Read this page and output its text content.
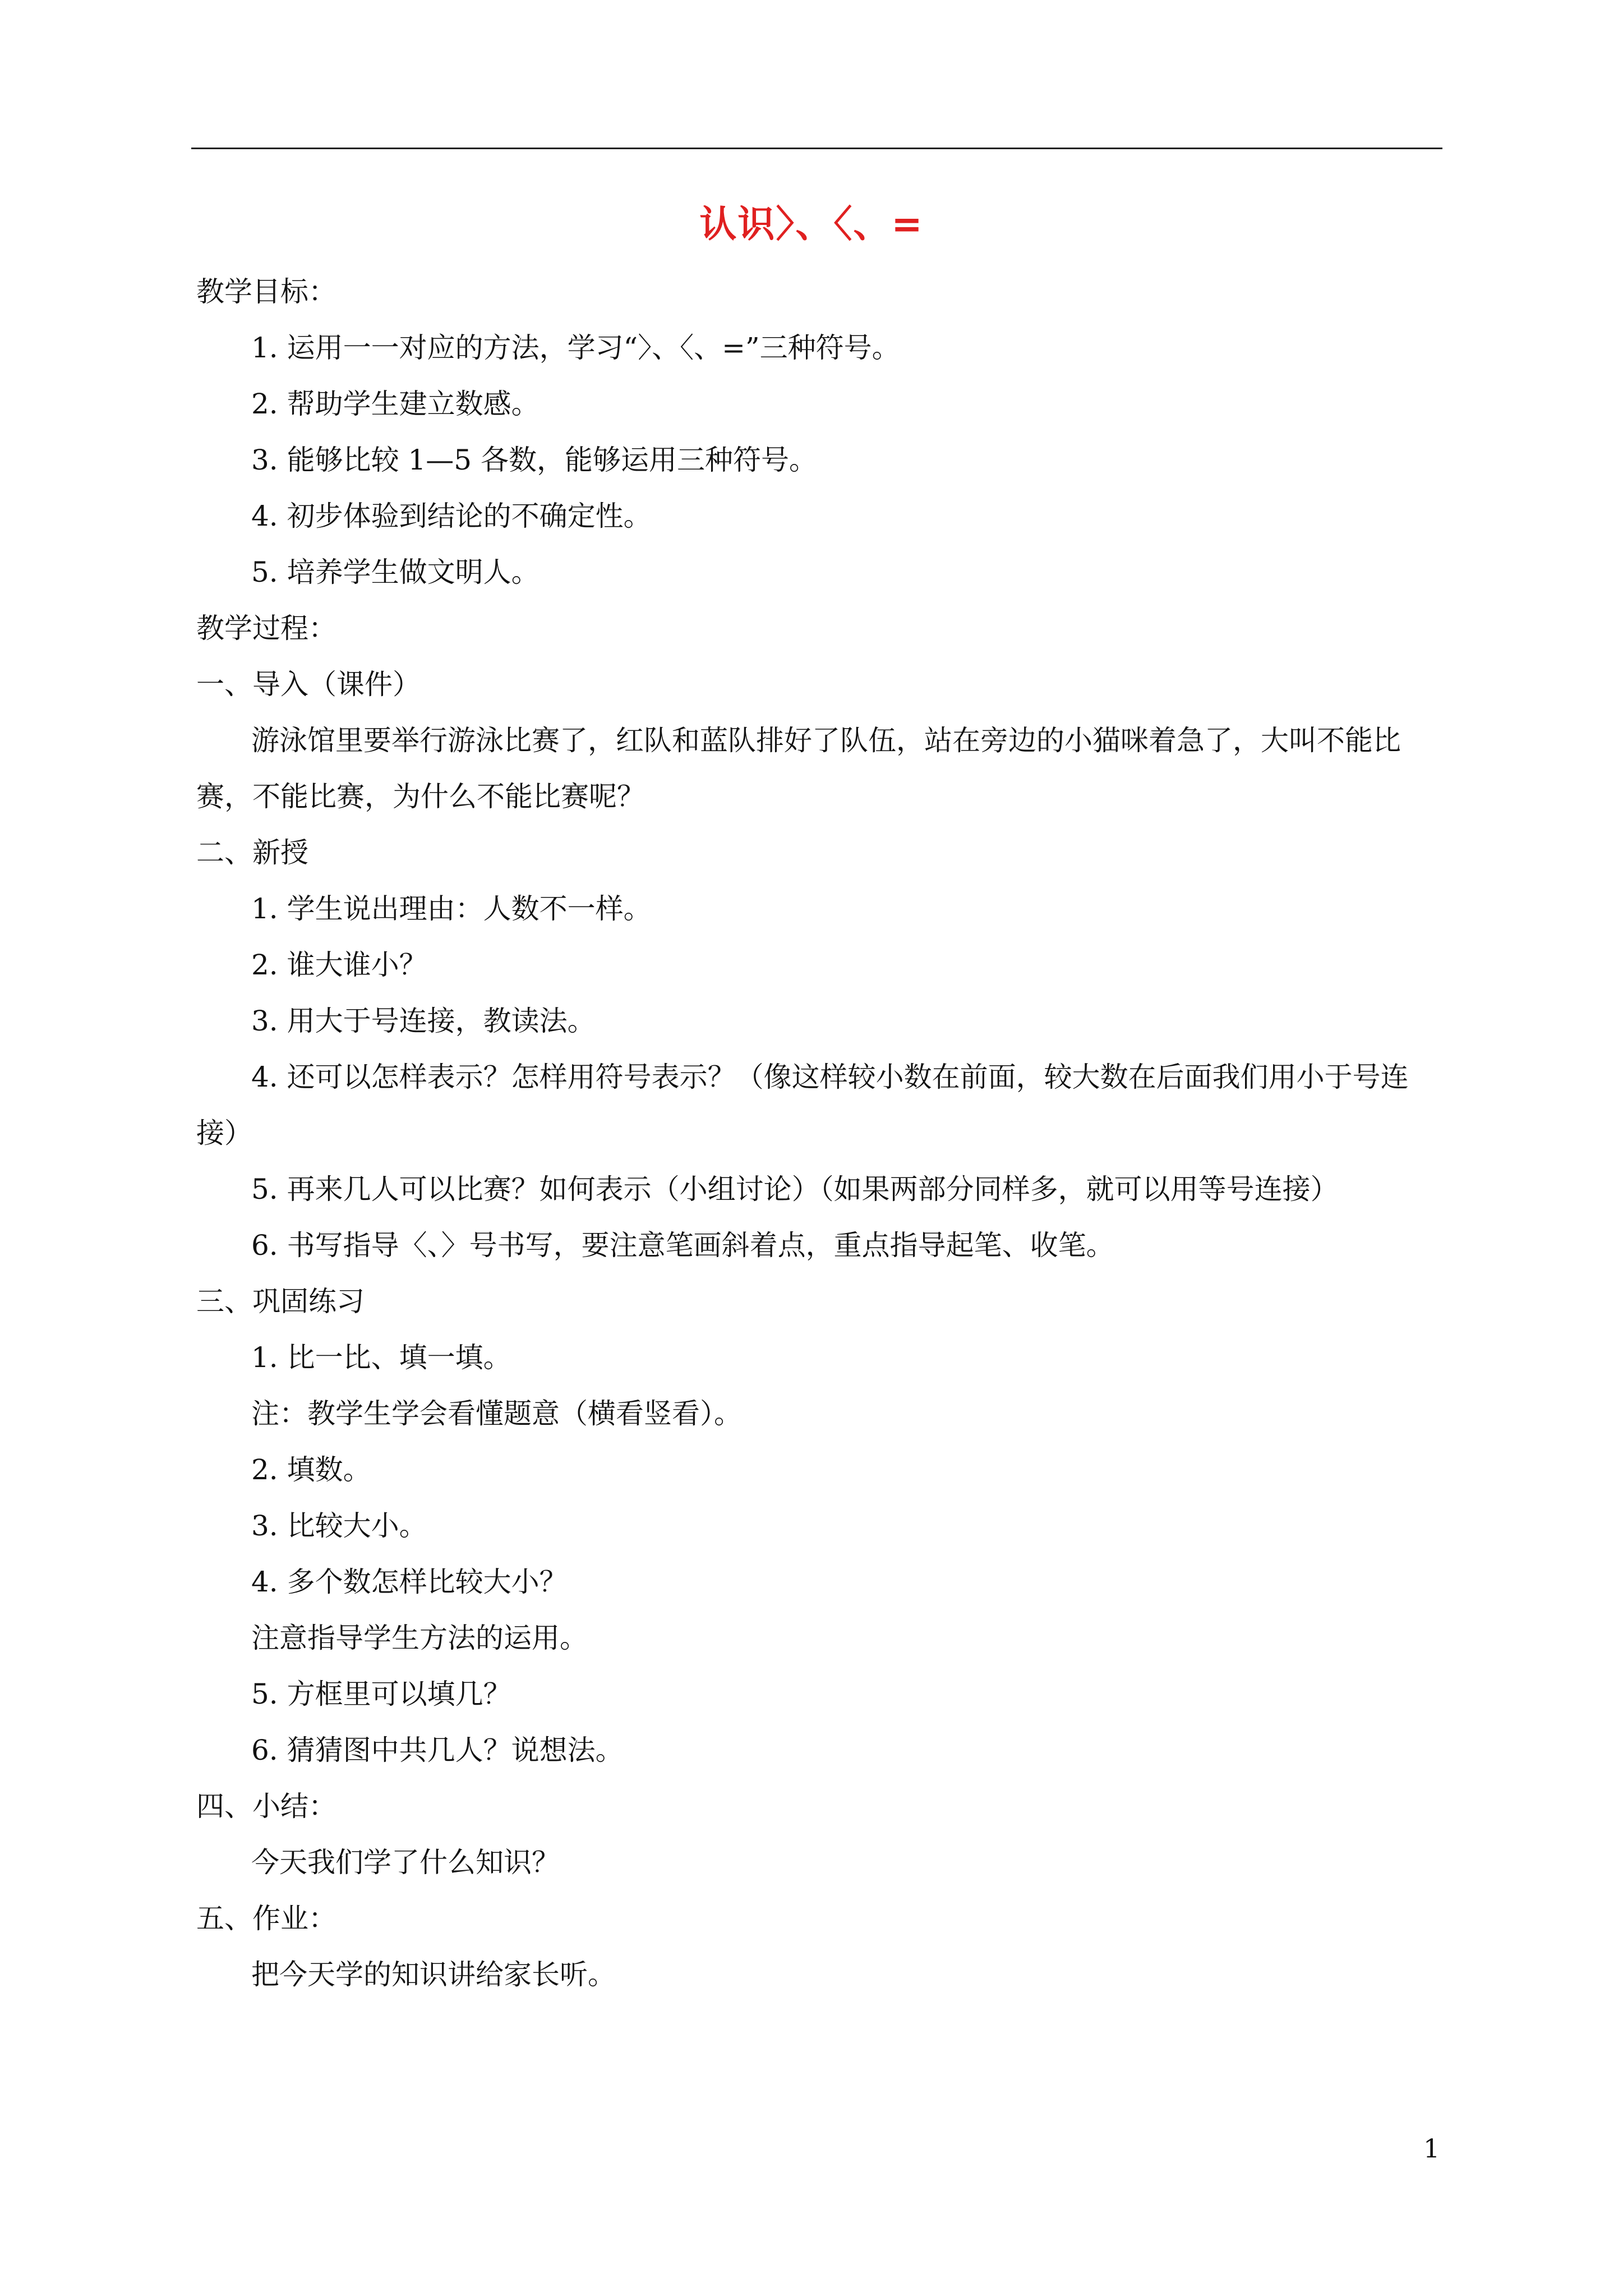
认识〉、〈、=
教学目标：
1. 运用一一对应的方法，学习“〉、〈、=”三种符号。
2. 帮助学生建立数感。
3. 能够比较 1—5 各数，能够运用三种符号。
4. 初步体验到结论的不确定性。
5. 培养学生做文明人。
教学过程：
一、导入（课件）
游泳馆里要举行游泳比赛了，红队和蓝队排好了队伍，站在旁边的小猫咪着急了，大叫不能比赛，不能比赛，为什么不能比赛呢？
二、新授
1. 学生说出理由：人数不一样。
2. 谁大谁小？
3. 用大于号连接，教读法。
4. 还可以怎样表示？怎样用符号表示？（像这样较小数在前面，较大数在后面我们用小于号连接）
5. 再来几人可以比赛？如何表示（小组讨论）（如果两部分同样多，就可以用等号连接）
6. 书写指导〈、〉号书写，要注意笔画斜着点，重点指导起笔、收笔。
三、巩固练习
1. 比一比、填一填。
注：教学生学会看懂题意（横看竖看）。
2. 填数。
3. 比较大小。
4. 多个数怎样比较大小？
注意指导学生方法的运用。
5. 方框里可以填几？
6. 猜猜图中共几人？说想法。
四、小结：
今天我们学了什么知识？
五、作业：
把今天学的知识讲给家长听。
1
